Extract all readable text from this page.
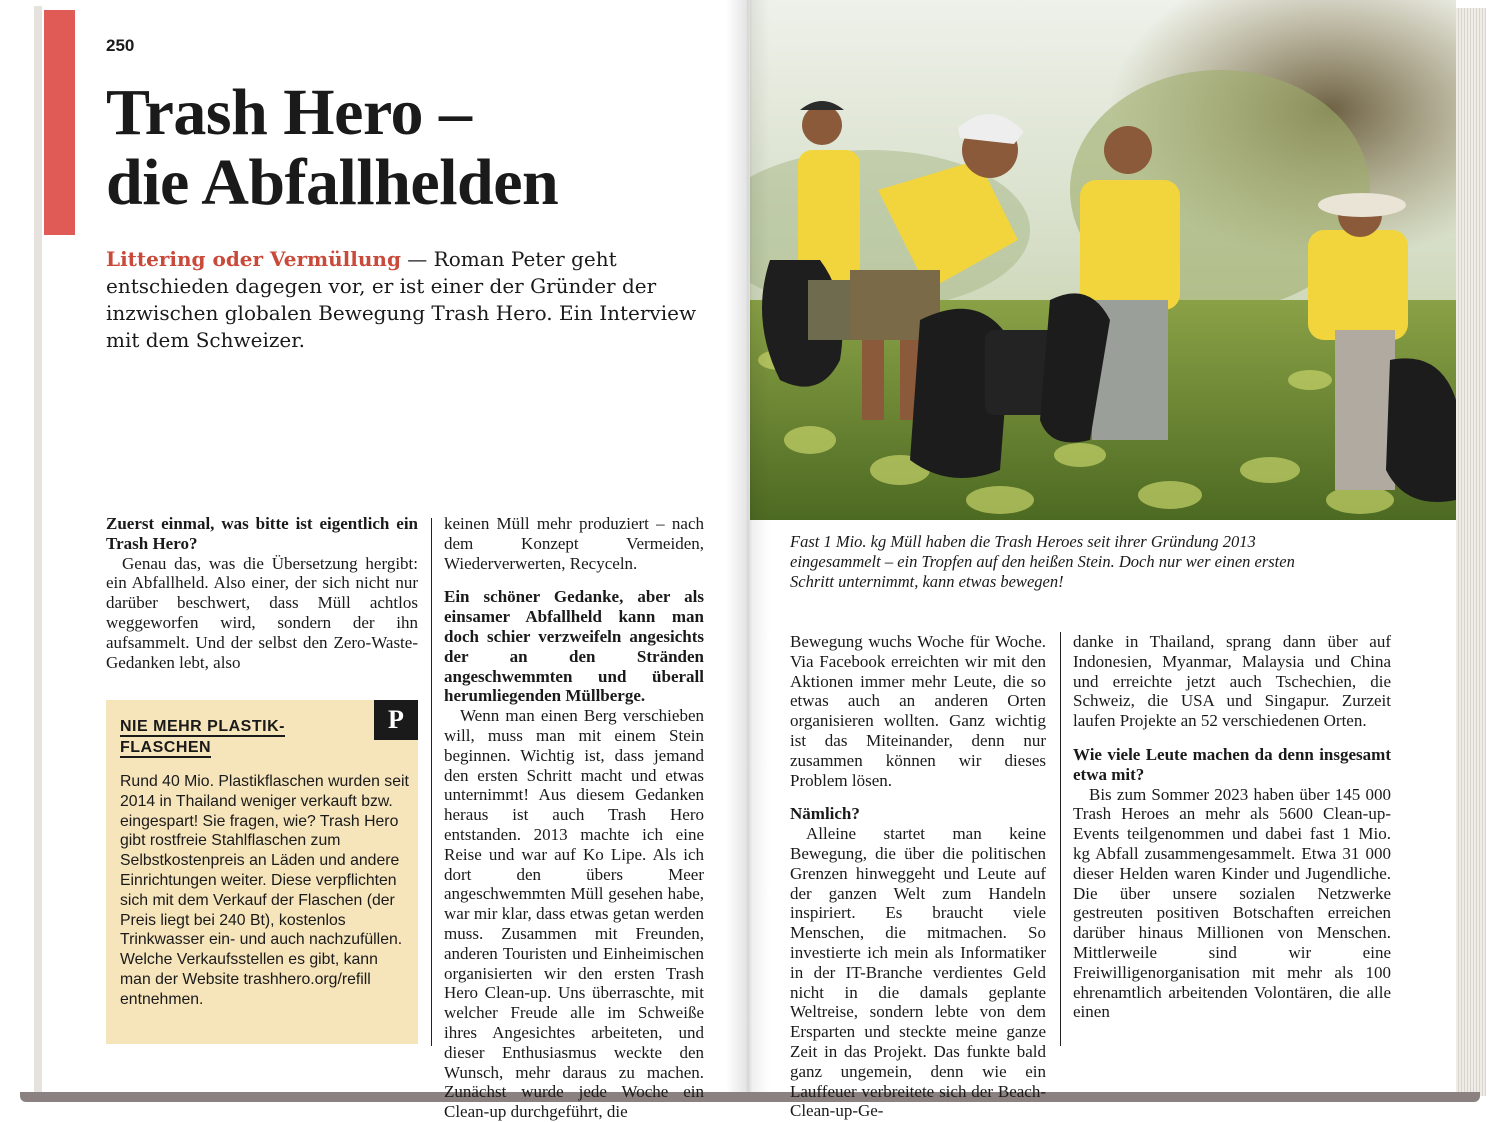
250
Trash Hero –
die Abfallhelden
Littering oder Vermüllung — Roman Peter geht entschieden dagegen vor, er ist einer der Gründer der inzwischen globalen Bewegung Trash Hero. Ein Interview mit dem Schweizer.

Zuerst einmal, was bitte ist eigentlich ein Trash Hero?

Genau das, was die Übersetzung hergibt: ein Abfallheld. Also einer, der sich nicht nur darüber beschwert, dass Müll achtlos weggeworfen wird, sondern der ihn aufsammelt. Und der selbst den Zero-Waste-Gedanken lebt, also

NIE MEHR PLASTIK-FLASCHEN
P
Rund 40 Mio. Plastikflaschen wurden seit 2014 in Thailand weniger verkauft bzw. eingespart! Sie fragen, wie? Trash Hero gibt rostfreie Stahlflaschen zum Selbstkostenpreis an Läden und andere Einrichtungen weiter. Diese verpflichten sich mit dem Verkauf der Flaschen (der Preis liegt bei 240 Bt), kostenlos Trinkwasser ein- und auch nachzufüllen. Welche Verkaufsstellen es gibt, kann man der Website trashhero.org/refill entnehmen.

keinen Müll mehr produziert – nach dem Konzept Vermeiden, Wiederverwerten, Recyceln.

Ein schöner Gedanke, aber als einsamer Abfallheld kann man doch schier verzweifeln angesichts der an den Stränden angeschwemmten und überall herumliegenden Müllberge.

Wenn man einen Berg verschieben will, muss man mit einem Stein beginnen. Wichtig ist, dass jemand den ersten Schritt macht und etwas unternimmt! Aus diesem Gedanken heraus ist auch Trash Hero entstanden. 2013 machte ich eine Reise und war auf Ko Lipe. Als ich dort den übers Meer angeschwemmten Müll gesehen habe, war mir klar, dass etwas getan werden muss. Zusammen mit Freunden, anderen Touristen und Einheimischen organisierten wir den ersten Trash Hero Clean-up. Uns überraschte, mit welcher Freude alle im Schweiße ihres Angesichtes arbeiteten, und dieser Enthusiasmus weckte den Wunsch, mehr daraus zu machen. Zunächst wurde jede Woche ein Clean-up durchgeführt, die

Fast 1 Mio. kg Müll haben die Trash Heroes seit ihrer Gründung 2013 eingesammelt – ein Tropfen auf den heißen Stein. Doch nur wer einen ersten Schritt unternimmt, kann etwas bewegen!

Bewegung wuchs Woche für Woche. Via Facebook erreichten wir mit den Aktionen immer mehr Leute, die so etwas auch an anderen Orten organisieren wollten. Ganz wichtig ist das Miteinander, denn nur zusammen können wir dieses Problem lösen.

Nämlich?

Alleine startet man keine Bewegung, die über die politischen Grenzen hinweggeht und Leute auf der ganzen Welt zum Handeln inspiriert. Es braucht viele Menschen, die mitmachen. So investierte ich mein als Informatiker in der IT-Branche verdientes Geld nicht in die damals geplante Weltreise, sondern lebte von dem Ersparten und steckte meine ganze Zeit in das Projekt. Das funkte bald ganz ungemein, denn wie ein Lauffeuer verbreitete sich der Beach-Clean-up-Ge-

danke in Thailand, sprang dann über auf Indonesien, Myanmar, Malaysia und China und erreichte jetzt auch Tschechien, die Schweiz, die USA und Singapur. Zurzeit laufen Projekte an 52 verschiedenen Orten.

Wie viele Leute machen da denn insgesamt etwa mit?

Bis zum Sommer 2023 haben über 145 000 Trash Heroes an mehr als 5600 Clean-up-Events teilgenommen und dabei fast 1 Mio. kg Abfall zusammengesammelt. Etwa 31 000 dieser Helden waren Kinder und Jugendliche. Die über unsere sozialen Netzwerke gestreuten positiven Botschaften erreichen darüber hinaus Millionen von Menschen. Mittlerweile sind wir eine Freiwilligenorganisation mit mehr als 100 ehrenamtlich arbeitenden Volontären, die alle einen
